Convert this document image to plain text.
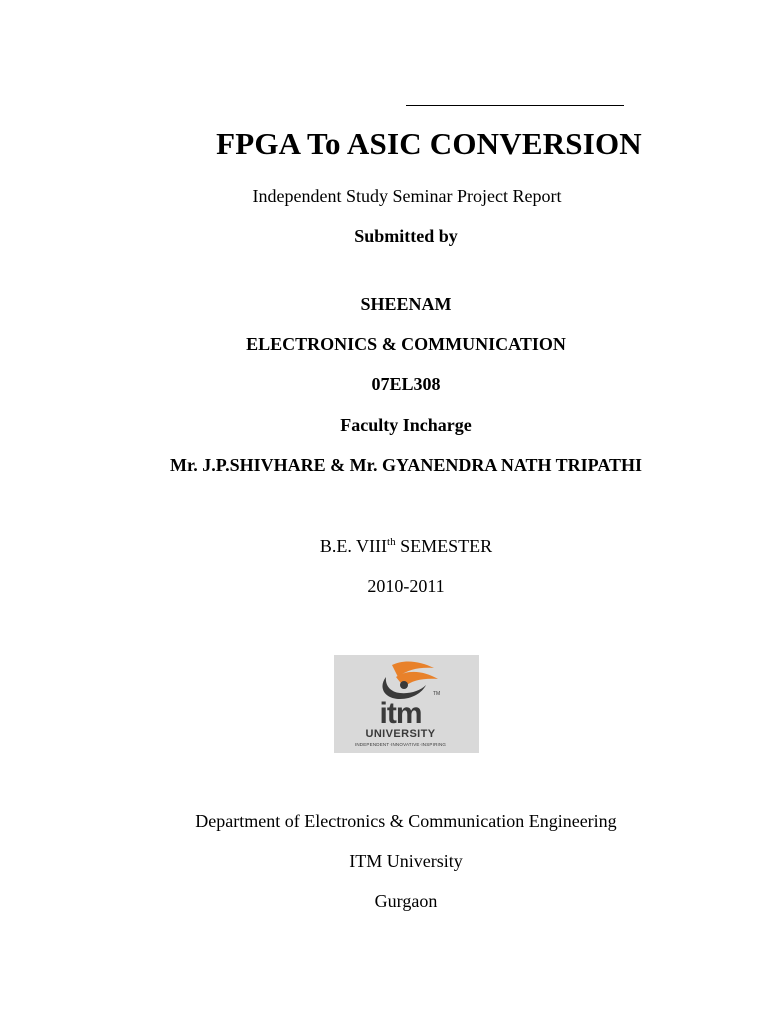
FPGA To ASIC CONVERSION
Independent Study Seminar Project Report
Submitted by
SHEENAM
ELECTRONICS & COMMUNICATION
07EL308
Faculty Incharge
Mr. J.P.SHIVHARE & Mr. GYANENDRA NATH TRIPATHI
B.E. VIIIth SEMESTER
2010-2011
TM
itm
UNIVERSITY
INDEPENDENT·INNOVATIVE·INSPIRING
Department of Electronics & Communication Engineering
ITM University
Gurgaon
